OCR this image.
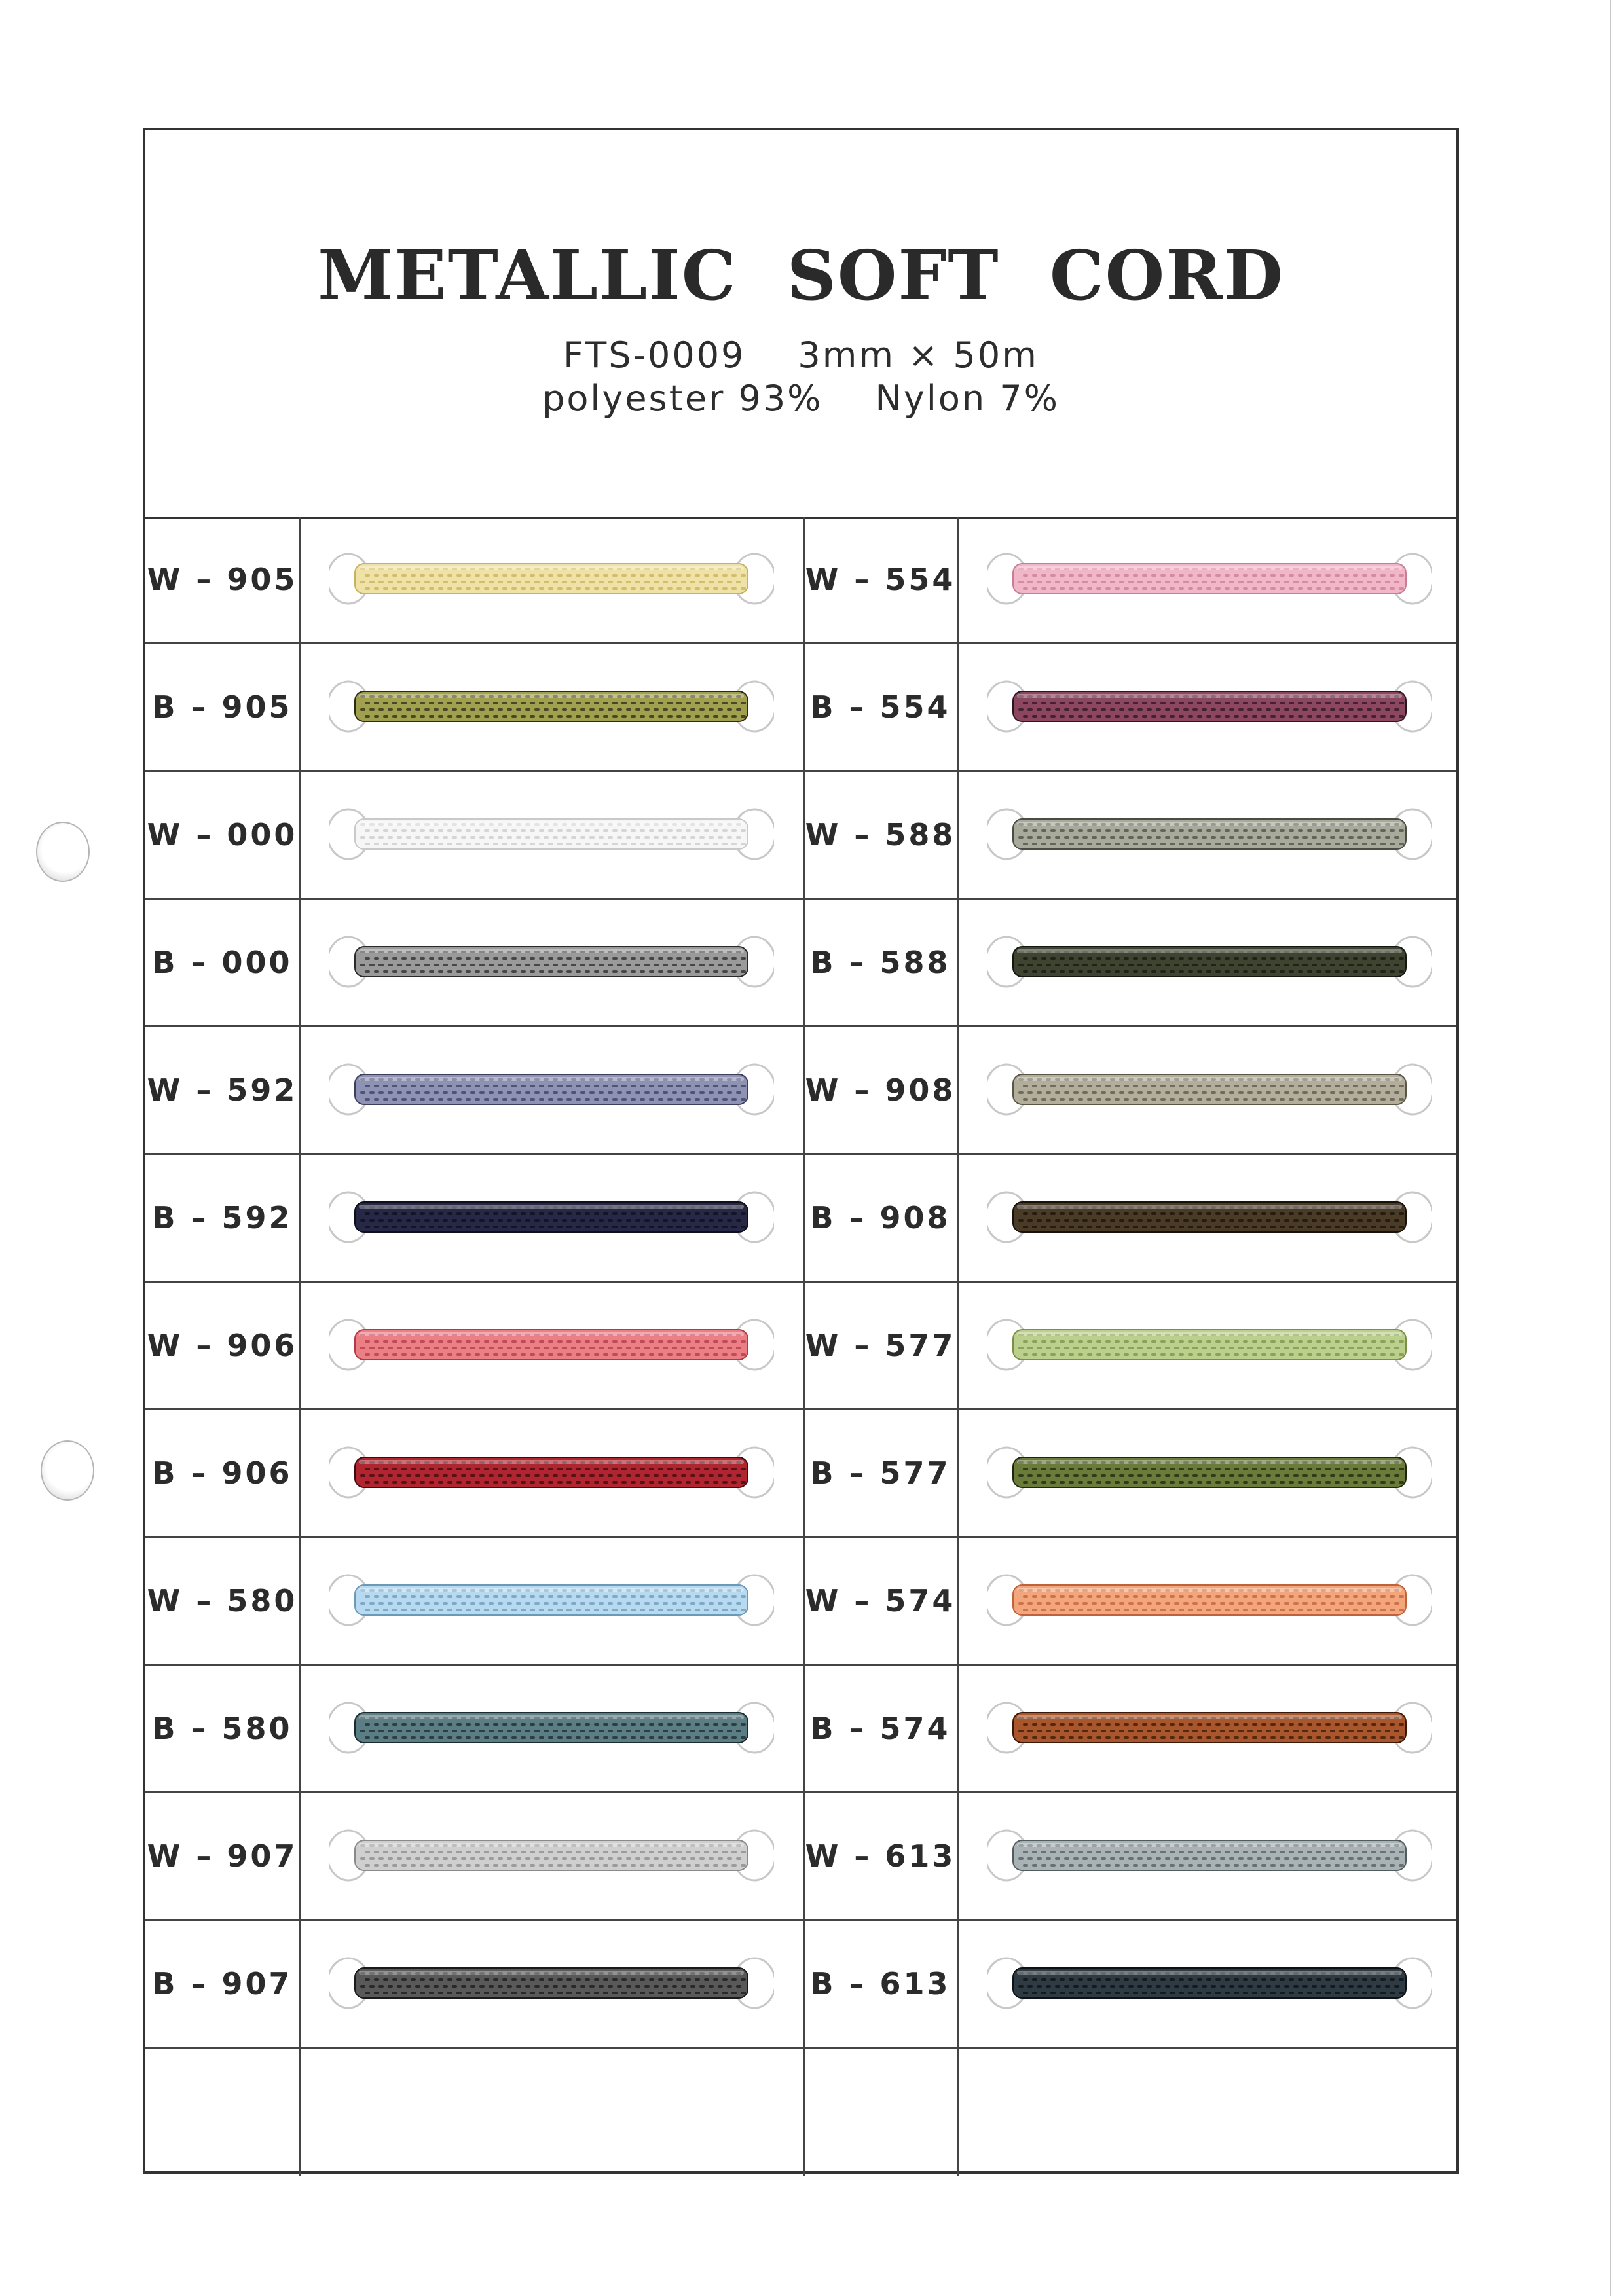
METALLIC SOFT CORD
FTS-0009 3mm × 50m
polyester 93% Nylon 7%
W – 905	W – 554
B – 905	B – 554
W – 000	W – 588
B – 000	B – 588
W – 592	W – 908
B – 592	B – 908
W – 906	W – 577
B – 906	B – 577
W – 580	W – 574
B – 580	B – 574
W – 907	W – 613
B – 907	B – 613
